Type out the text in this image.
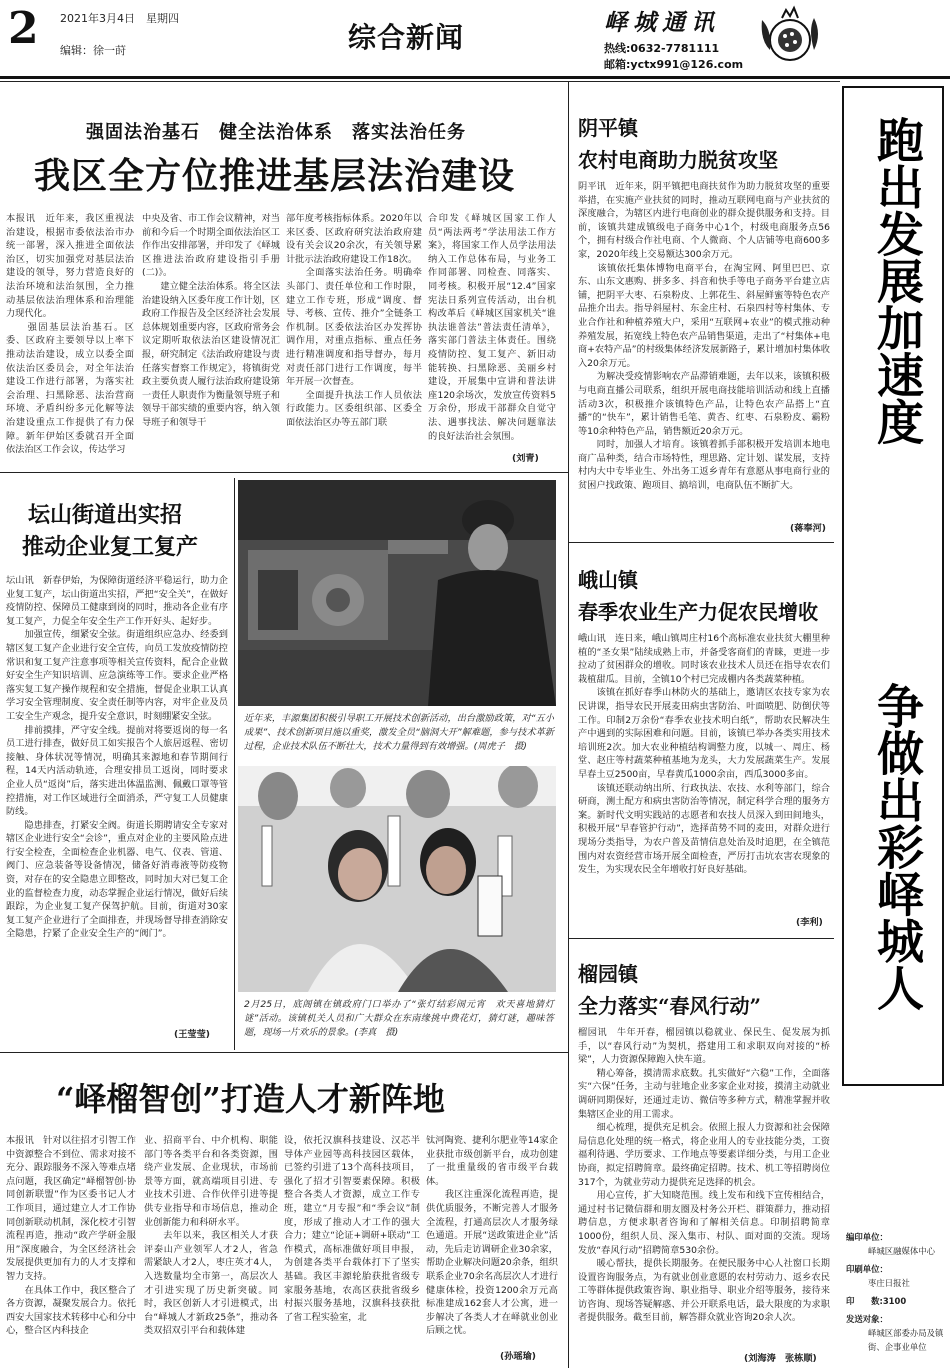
2 2021年3月4日　星期四
编辑：徐一莳	综合新闻	峄城通讯
热线:0632-7781111
邮箱:yctx991@126.com
强固法治基石　健全法治体系　落实法治任务
我区全方位推进基层法治建设
本报讯　近年来，我区重视法治建设，根据市委依法治市办统一部署，深入推进全面依法治区，切实加强党对基层法治建设的领导，努力营造良好的法治环境和法治氛围，全力推动基层依法治理体系和治理能力现代化。
　　强固基层法治基石。区委、区政府主要领导以上率下推动法治建设，成立以委全面依法治区委员会，对全年法治建设工作进行部署，为落实社会治理、扫黑除恶、法治营商环境、矛盾纠纷多元化解等法治建设重点工作提供了有力保障。新年伊始区委就召开全面依法治区工作会议，传达学习
中央及省、市工作会议精神，对当前和今后一个时期全面依法治区工作作出安排部署，并印发了《峄城区推进法治政府建设指引手册(二)》。
　　建立健全法治体系。将全区法治建设纳入区委年度工作计划，区政府工作报告及全区经济社会发展总体规划重要内容，区政府常务会议定期听取依法治区建设情况汇报，研究制定《法治政府建设与责任落实督察工作规定》，将镇街党政主要负责人履行法治政府建设第一责任人职责作为衡量领导班子和领导干部实绩的重要内容，纳入领导班子和领导干
部年度考核指标体系。2020年以来区委、区政府研究法治政府建设有关会议20余次，有关领导累计批示法治政府建设工作18次。
　　全面落实法治任务。明确牵头部门、责任单位和工作时限，建立工作专班，形成“调度、督导、考核、宣传、推介”全链条工作机制。区委依法治区办发挥协调作用，对重点指标、重点任务进行精准调度和指导督办，每月对责任部门进行工作调度，每半年开展一次督查。
　　全面提升执法工作人员依法行政能力。区委组织部、区委全面依法治区办等五部门联
合印发《峄城区国家工作人员“两法两考”学法用法工作方案》，将国家工作人员学法用法纳入工作总体布局，与业务工作同部署、同检查、同落实、同考核。积极开展“12.4”国家宪法日系列宣传活动，出台机构改革后《峄城区国家机关“谁执法谁普法”普法责任清单》，落实部门普法主体责任。围绕疫情防控、复工复产、新旧动能转换、扫黑除恶、美丽乡村建设，开展集中宣讲和普法讲座120余场次，发放宣传资料5万余份，形成干部群众自觉守法、遇事找法、解决问题靠法的良好法治社会氛围。
(刘青)
坛山街道出实招
推动企业复工复产
坛山讯　新春伊始，为保障街道经济平稳运行，助力企业复工复产，坛山街道出实招，严把“安全关”，在做好疫情防控、保障员工健康到岗的同时，推动各企业有序复工复产，力促全年安全生产工作开好头、起好步。
　　加强宣传，细紧安全弦。街道组织应急办、经委到辖区复工复产企业进行安全宣传，向员工发放疫情防控常识和复工复产注意事项等相关宣传资料，配合企业做好安全生产知识培训、应急演练等工作。要求企业严格落实复工复产操作规程和安全措施，督促企业职工认真学习安全管理制度、安全责任制等内容，对牢企业及员工安全生产观念，提升安全意识，时刻绷紧安全弦。
　　排前摸排，严守安全线。提前对将要返岗的每一名员工进行排查，做好员工如实报告个人旅居返程、密切接触、身体状况等情况，明确其来源地和春节期间行程，14天内活动轨迹，合理安排员工返岗，同时要求企业人员“返岗”后，落实进出体温监测、佩戴口罩等管控措施，对工作区域进行全面消杀，严守复工人员健康防线。
　　隐患排查，打紧安全阀。街道长期聘请安全专家对辖区企业进行安全“会诊”，重点对企业的主要风险点进行安全检查，全面检查企业机器、电气、仪表、管道、阀门、应急装备等设备情况，储备好消毒液等防疫物资，对存在的安全隐患立即整改，同时加大对已复工企业的监督检查力度，动态掌握企业运行情况，做好后续跟踪，为企业复工复产保驾护航。目前，街道对30家复工复产企业进行了全面排查，并现场督导排查消除安全隐患，拧紧了企业安全生产的“阀门”。
(王莹莹)
近年来，丰源集团积极引导职工开展技术创新活动，出台激励政策，对“五小成果”、技术创新项目施以重奖，激发全员“脑洞大开”解难题，参与技术革新过程，企业技术队伍不断壮大，技术力量得到有效增强。(周虎子　摄)
2月25日，底阁镇在镇政府门口举办了“张灯结彩闹元宵　欢天喜地猜灯谜”活动。该镇机关人员和广大群众在东南缘挑中费花灯，猜灯谜，趣味答题，现场一片欢乐的景象。(李真　摄)
“峄榴智创”打造人才新阵地
本报讯　针对以往招才引智工作中资源整合不到位、需求对接不充分、跟踪服务不深入等难点堵点问题，我区确定“峄榴智创·协同创新联盟”作为区委书记人才工作项目，通过建立人才工作协同创新联动机制，深化校才引智流程再造，推动“政产学研金服用”深度融合，为全区经济社会发展提供更加有力的人才支撑和智力支持。
　　在具体工作中，我区整合了各方资源，凝聚发展合力。依托西安大国家技术转移中心和分中心，整合区内科技企
业、招商平台、中介机构、职能部门等各类平台和各类资源，围绕产业发展、企业现状，市场前景等方面，就高端项目引进、专业技术引进、合作伙伴引进等提供专业指导和市场信息，推动企业创新能力和科研水平。
　　去年以来，我区相关人才获评泰山产业领军人才2人，省急需紧缺人才2人，枣庄英才4人，入选数量均全市第一，高层次人才引进实现了历史新突破。同时，我区创新人才引进模式，出台“峄城人才新政25条”，推动各类双招双引平台和载体建
设，依托汉旗科技建设、汉芯半导体产业园等高科技园区载体，已签约引进了13个高科技项目，强化了招才引智要素保障。积极整合各类人才资源，成立工作专班，建立“月专报”和“季会议”制度，形成了推动人才工作的强大合力；建立“论证+调研+联动”工作模式，高标准做好项目申报，为创建各类平台载体打下了坚实基础。我区丰源轮胎获批省级专家服务基地，农高区获批省级乡村振兴服务基地，汉旗科技获批了省工程实验室，北
钛河陶瓷、捷利尔肥业等14家企业获批市级创新平台，成功创建了一批重量级的省市级平台载体。
　　我区注重深化流程再造，提供优质服务，不断完善人才服务全流程，打通高层次人才服务绿色通道。开展“送政策进企业”活动，先后走访调研企业30余家，帮助企业解决问题20余条，组织联系企业70余名高层次人才进行健康体检，投资1200余万元高标准建成162套人才公寓，进一步解决了各类人才在峄就业创业后顾之忧。
(孙瑶瑜)
阴平镇
农村电商助力脱贫攻坚
阴平讯　近年来，阴平镇把电商扶贫作为助力脱贫攻坚的重要举措，在实施产业扶贫的同时，推动互联网电商与产业扶贫的深度融合，为辖区内进行电商创业的群众提供服务和支持。目前，该镇共建成镇级电子商务中心1个，村级电商服务点56个，拥有村级合作社电商、个人微商、个人店铺等电商600多家，2020年线上交易额达300余万元。
　　该镇依托集体博物电商平台，在淘宝网、阿里巴巴、京东、山东文惠购、拼多多、抖音和快手等电子商务平台建立店铺，把阴平大枣、石泉粉皮、上郭花生、斜屋鲜蜜等特色农产品推介出去。指导斜屋村、东金庄村、石泉四村等村集体、专业合作社和种植养殖大户，采用“互联网+农业”的模式推动种养殖发展，拓宽线上特色农产品销售渠道，走出了“村集体+电商+农特产品”的村级集体经济发展新路子，累计增加村集体收入20余万元。
　　为解决受疫情影响农产品滞销难题，去年以来，该镇积极与电商直播公司联系，组织开展电商技能培训活动和线上直播活动3次，积极推介该镇特色产品，让特色农产品搭上“直播”的“快车”，累计销售毛笔、黄杏、红枣、石泉粉皮、霸粉等10余种特色产品，销售额近20余万元。
　　同时，加强人才培育。该镇着抓手部积极开发培训本地电商广品种类，结合市场特性，理思路、定计划、谋发展，支持村内大中专毕业生、外出务工返乡青年有意愿从事电商行业的贫困户找政策、跑项目、搞培训，电商队伍不断扩大。
(蒋奉河)
峨山镇
春季农业生产力促农民增收
峨山讯　连日来，峨山镇周庄村16个高标准农业扶贫大棚里种植的“圣女果”陆续成熟上市，并备受客商们的青睐，更进一步拉动了贫困群众的增收。同时该农业技术人员还在指导农农们栽植甜瓜。目前，全镇10个村已完成棚内各类蔬菜种植。
　　该镇在抓好春季山林防火的基础上，邀请区农技专家为农民讲课，指导农民开展麦田病虫害防治、叶面喷肥、防倒伏等工作。印制2万余份“春季农业技术明白纸”，帮助农民解决生产中遇到的实际困难和问题。目前，该镇已举办各类实用技术培训班2次。加大农业种植结构调整力度，以城一、周庄、杨堂、赵庄等村蔬菜种植基地为龙头，大力发展蔬菜生产。发展早春土豆2500亩，早春黄瓜1000余亩，西瓜3000多亩。
　　该镇还联动纳出所、行政执法、农技、水利等部门，综合研商，测土配方和病虫害防治等情况，制定科学合理的服务方案。新时代文明实践站的志愿者和农技人员深入到田间地头，积极开展“早春管护行动”，选择苗势不同的麦田，对群众进行现场分类指导，为农户普及苗情信息处治及时追肥，在全镇范围内对农资经营市场开展全面检查，严厉打击坑农害农现象的发生，为实现农民全年增收打好良好基础。
(李利)
榴园镇
全力落实“春风行动”
榴园讯　牛年开春，榴园镇以稳就业、保民生、促发展为抓手，以“春风行动”为契机，搭建用工和求职双向对接的“桥梁”，人力资源保障跑入快车道。
　　精心筹备，摸清需求底数。扎实做好“六稳”工作，全面落实“六保”任务，主动与驻地企业多家企业对接，摸清主动就业调研同期保好，还通过走访、微信等多种方式，精准掌握并收集辖区企业的用工需求。
　　细心梳理，提供充足机会。依照上报人力资源和社会保障局信息化处理的统一格式，将企业用人的专业技能分类，工资福利待遇、学历要求、工作地点等要素详细分类，与用工企业协商，拟定招聘简章。最终确定招聘。技术、机工等招聘岗位317个，为就业劳动力提供充足选择的机会。
　　用心宣传，扩大知晓范围。线上发布和线下宣传相结合，通过村书记微信群和朋友圈及村务公开栏、群策群力，推动招聘信息，方便求职者咨询和了解相关信息。印制招聘简章1000份，组织人员、深入集市、村队、面对面的交流。现场发放“春风行动”招聘简章530余份。
　　暖心帮扶，提供长期服务。在便民服务中心人社窗口长期设置咨询服务点，为有就业创业意愿的农村劳动力、返乡农民工等群体提供政策咨询、职业指导、职业介绍等服务，接待来访咨询、现场答疑解惑、并公开联系电话，最大限度的为求职者提供服务。截至目前，解答群众就业咨询20余人次。
(刘海涛　张栋顺)
跑出发展加速度
争做出彩峄城人
编印单位：
峄城区融媒体中心
印刷单位：
枣庄日报社
印　　数:3100
发送对象：
峄城区部委办局及镇街、企事业单位
